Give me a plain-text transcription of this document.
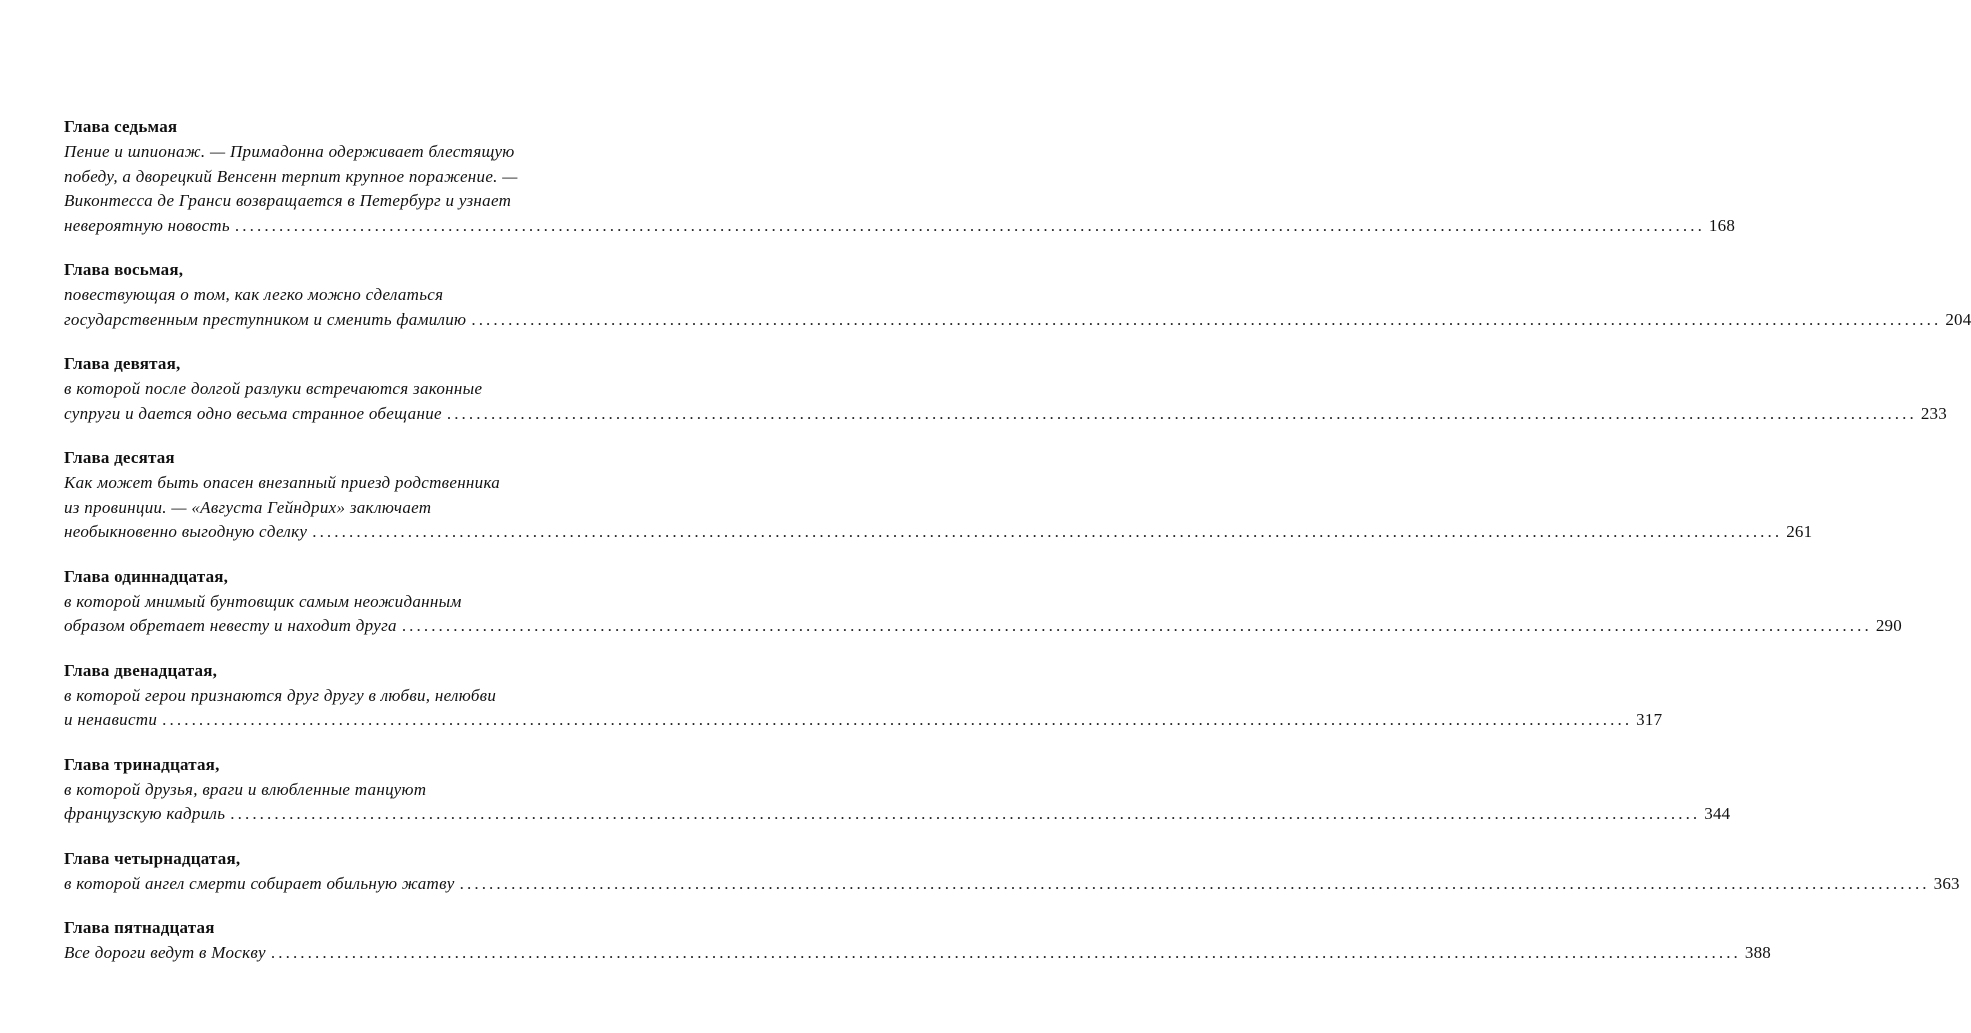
Глава седьмая
Пение и шпионаж. — Примадонна одерживает блестящую
победу, а дворецкий Венсенн терпит крупное поражение. —
Виконтесса де Гранси возвращается в Петербург и узнает
невероятную новость ........................................................................................................................................................................................................ 168
Глава восьмая,
повествующая о том, как легко можно сделаться
государственным преступником и сменить фамилию ........................................................................................................................................................................................................ 204
Глава девятая,
в которой после долгой разлуки встречаются законные
супруги и дается одно весьма странное обещание ........................................................................................................................................................................................................ 233
Глава десятая
Как может быть опасен внезапный приезд родственника
из провинции. — «Августа Гейндрих» заключает
необыкновенно выгодную сделку ........................................................................................................................................................................................................ 261
Глава одиннадцатая,
в которой мнимый бунтовщик самым неожиданным
образом обретает невесту и находит друга ........................................................................................................................................................................................................ 290
Глава двенадцатая,
в которой герои признаются друг другу в любви, нелюбви
и ненависти ........................................................................................................................................................................................................ 317
Глава тринадцатая,
в которой друзья, враги и влюбленные танцуют
французскую кадриль ........................................................................................................................................................................................................ 344
Глава четырнадцатая,
в которой ангел смерти собирает обильную жатву ........................................................................................................................................................................................................ 363
Глава пятнадцатая
Все дороги ведут в Москву ........................................................................................................................................................................................................ 388
